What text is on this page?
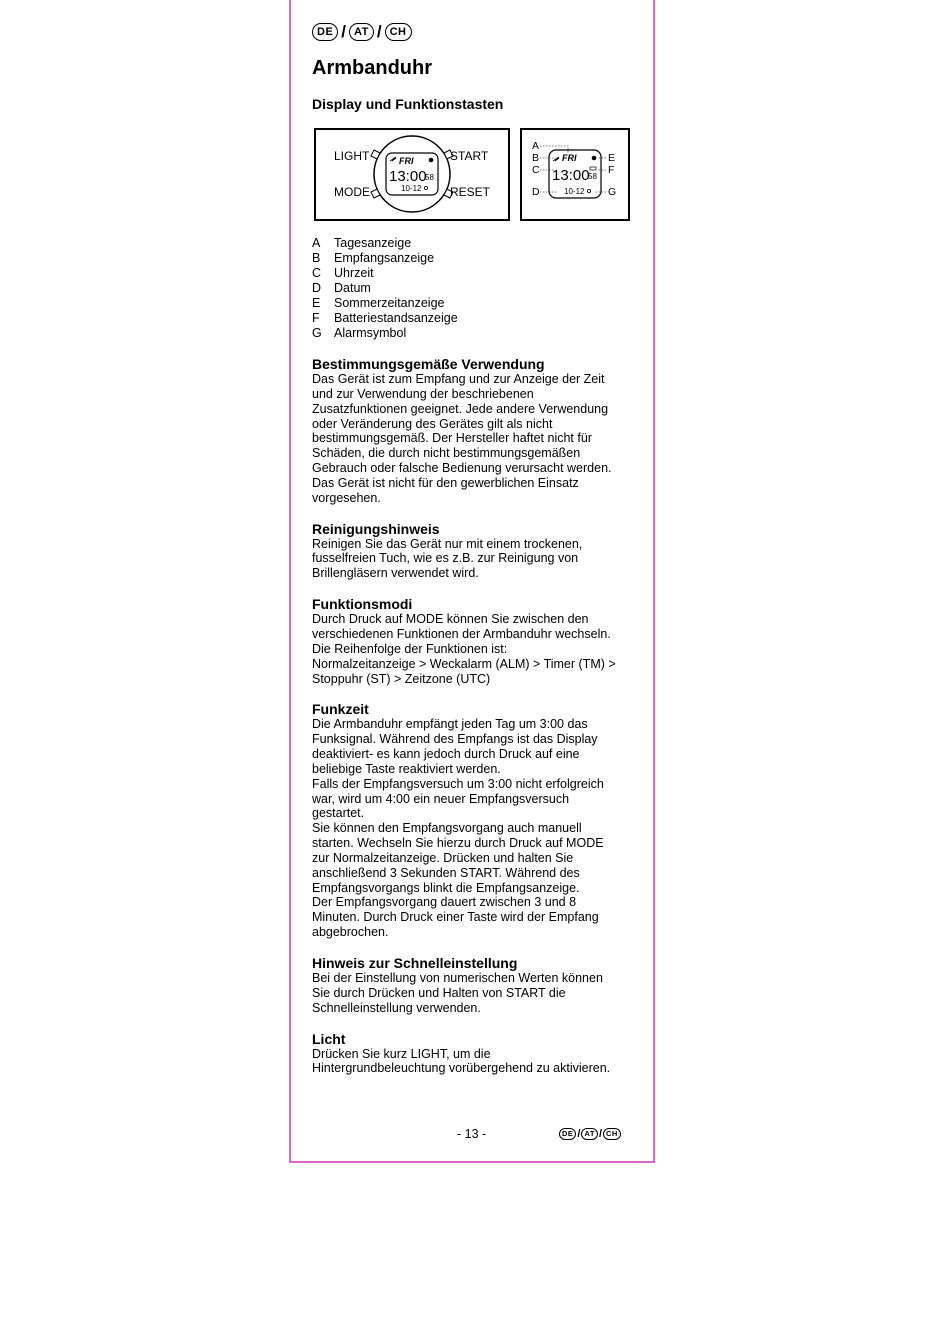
DE / AT / CH
Armbanduhr
Display und Funktionstasten
LIGHT	START
MODE	RESET
FRI
13:00
58
10-12
A
B
C
D
E
F
G
FRI
13:00
58
10-12
A	Tagesanzeige
B	Empfangsanzeige
C	Uhrzeit
D	Datum
E	Sommerzeitanzeige
F	Batteriestandsanzeige
G Alarmsymbol
Bestimmungsgemäße Verwendung

Das Gerät ist zum Empfang und zur Anzeige der Zeit
und zur Verwendung der beschriebenen
Zusatzfunktionen geeignet. Jede andere Verwendung
oder Veränderung des Gerätes gilt als nicht
bestimmungsgemäß. Der Hersteller haftet nicht für
Schäden, die durch nicht bestimmungsgemäßen
Gebrauch oder falsche Bedienung verursacht werden.
Das Gerät ist nicht für den gewerblichen Einsatz
vorgesehen.

Reinigungshinweis

Reinigen Sie das Gerät nur mit einem trockenen,
fusselfreien Tuch, wie es z.B. zur Reinigung von
Brillengläsern verwendet wird.

Funktionsmodi

Durch Druck auf MODE können Sie zwischen den
verschiedenen Funktionen der Armbanduhr wechseln.
Die Reihenfolge der Funktionen ist:
Normalzeitanzeige > Weckalarm (ALM) > Timer (TM) >
Stoppuhr (ST) > Zeitzone (UTC)

Funkzeit

Die Armbanduhr empfängt jeden Tag um 3:00 das
Funksignal. Während des Empfangs ist das Display
deaktiviert- es kann jedoch durch Druck auf eine
beliebige Taste reaktiviert werden.
Falls der Empfangsversuch um 3:00 nicht erfolgreich
war, wird um 4:00 ein neuer Empfangsversuch
gestartet.
Sie können den Empfangsvorgang auch manuell
starten. Wechseln Sie hierzu durch Druck auf MODE
zur Normalzeitanzeige. Drücken und halten Sie
anschließend 3 Sekunden START. Während des
Empfangsvorgangs blinkt die Empfangsanzeige.
Der Empfangsvorgang dauert zwischen 3 und 8
Minuten. Durch Druck einer Taste wird der Empfang
abgebrochen.

Hinweis zur Schnelleinstellung

Bei der Einstellung von numerischen Werten können
Sie durch Drücken und Halten von START die
Schnelleinstellung verwenden.

Licht

Drücken Sie kurz LIGHT, um die
Hintergrundbeleuchtung vorübergehend zu aktivieren.

- 13 -	DE / AT / CH
